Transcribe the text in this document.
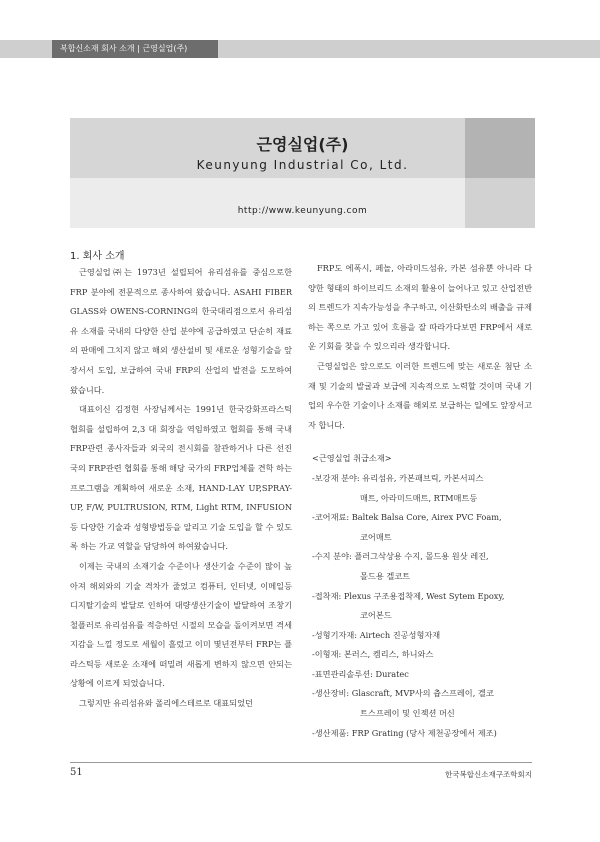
복합신소재 회사 소개 | 근영실업(주)
근영실업(주)
Keunyung Industrial Co, Ltd.
http://www.keunyung.com
1. 회사 소개

근영실업㈜는 1973년 설립되어 유리섬유를 중심으로한 FRP 분야에 전문적으로 종사하여 왔습니다. ASAHI FIBER GLASS와 OWENS-CORNING의 한국대리점으로서 유리섬유 소재를 국내의 다양한 산업 분야에 공급하였고 단순히 재료의 판매에 그치지 않고 해외 생산설비 및 새로운 성형기술을 앞장서서 도입, 보급하여 국내 FRP의 산업의 발전을 도모하여 왔습니다.

대표이신 김정현 사장님께서는 1991년 한국강화프라스틱협회를 설립하여 2,3 대 회장을 역임하였고 협회를 통해 국내 FRP관련 종사자들과 외국의 전시회를 참관하거나 다른 선진국의 FRP관련 협회를 통해 해당 국가의 FRP업체를 견학 하는 프로그램을 계획하여 새로운 소재, HAND-LAY UP,SPRAY-UP, F/W, PULTRUSION, RTM, Light RTM, INFUSION 등 다양한 기술과 성형방법등을 알리고 기술 도입을 할 수 있도록 하는 가교 역할을 담당하여 하여왔습니다.

이제는 국내의 소재기술 수준이나 생산기술 수준이 많이 높아져 해외와의 기술 격차가 줄었고 컴퓨터, 인터넷, 이메일등 디지탈기술의 발달로 인하여 대량생산기술이 발달하여 조창기 철플러로 유리섬유를 적층하던 시절의 모습을 돌이켜보면 격세지감을 느낄 정도로 세월이 흘렀고 이미 몇년전부터 FRP는 플라스틱등 새로운 소재에 떠밀려 새롭게 변하지 않으면 안되는 상황에 이르게 되었습니다.

그렇지만 유리섬유와 폴리에스테르로 대표되었던

FRP도 에폭시, 페놀, 아라미드섬유, 카본 섬유뿐 아니라 다양한 형태의 하이브리드 소재의 활용이 늘어나고 있고 산업전반의 트렌드가 지속가능성을 추구하고, 이산화탄소의 배출을 규제하는 쪽으로 가고 있어 흐름을 잘 따라가다보면 FRP에서 새로운 기회를 찾을 수 있으리라 생각합니다.

근영실업은 앞으로도 이러한 트렌드에 맞는 새로운 첨단 소재 및 기술의 발굴과 보급에 지속적으로 노력할 것이며 국내 기업의 우수한 기술이나 소재를 해외로 보급하는 일에도 앞장서고자 합니다.

<근영실업 취급소재>
-보강재 분야: 유리섬유, 카본패브릭, 카본서피스
매트, 아라미드매트, RTM매트등
-코어재료: Baltek Balsa Core, Airex PVC Foam,
코어매트
-수지 분야: 플러그삭상용 수지, 몰드용 원삿 레진,
몰드용 겔코트
-접착재: Plexus 구조용접착제, West Sytem Epoxy,
코어본드
-성형기자재: Airtech 진공성형자재
-이형재: 본러스, 켐리스, 하니와스
-표면관리솔루션: Duratec
-생산장비: Glascraft, MVP사의 츕스프레이, 겔코
트스프레이 및 인젝션 머신
-생산제품: FRP Grating (당사 제천공장에서 제조)
51	한국복합신소재구조학회지
